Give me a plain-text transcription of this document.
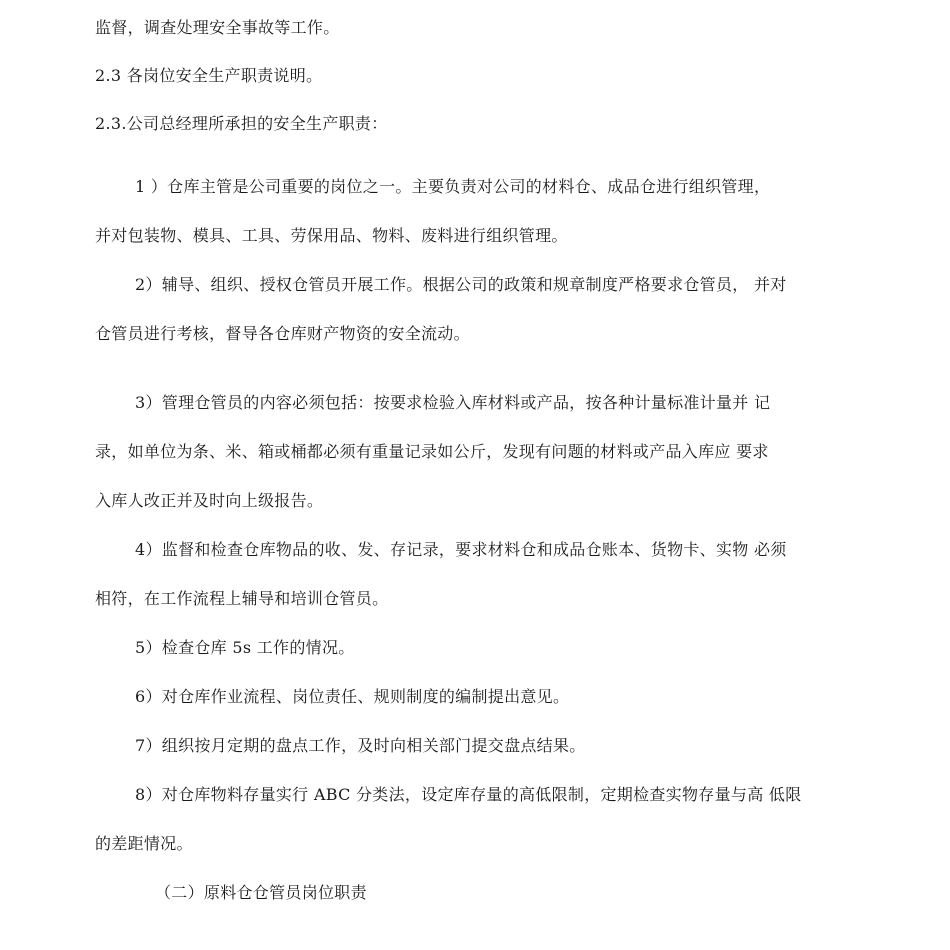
监督，调查处理安全事故等工作。
2.3 各岗位安全生产职责说明。
2.3.公司总经理所承担的安全生产职责：
1 ）仓库主管是公司重要的岗位之一。主要负责对公司的材料仓、成品仓进行组织管理，
并对包装物、模具、工具、劳保用品、物料、废料进行组织管理。
2）辅导、组织、授权仓管员开展工作。根据公司的政策和规章制度严格要求仓管员， 并对
仓管员进行考核，督导各仓库财产物资的安全流动。
3）管理仓管员的内容必须包括：按要求检验入库材料或产品，按各种计量标准计量并 记
录，如单位为条、米、箱或桶都必须有重量记录如公斤，发现有问题的材料或产品入库应 要求
入库人改正并及时向上级报告。
4）监督和检查仓库物品的收、发、存记录，要求材料仓和成品仓账本、货物卡、实物 必须
相符，在工作流程上辅导和培训仓管员。
5）检查仓库 5s 工作的情况。
6）对仓库作业流程、岗位责任、规则制度的编制提出意见。
7）组织按月定期的盘点工作，及时向相关部门提交盘点结果。
8）对仓库物料存量实行 ABC 分类法，设定库存量的高低限制，定期检查实物存量与高 低限
的差距情况。
（二）原料仓仓管员岗位职责
